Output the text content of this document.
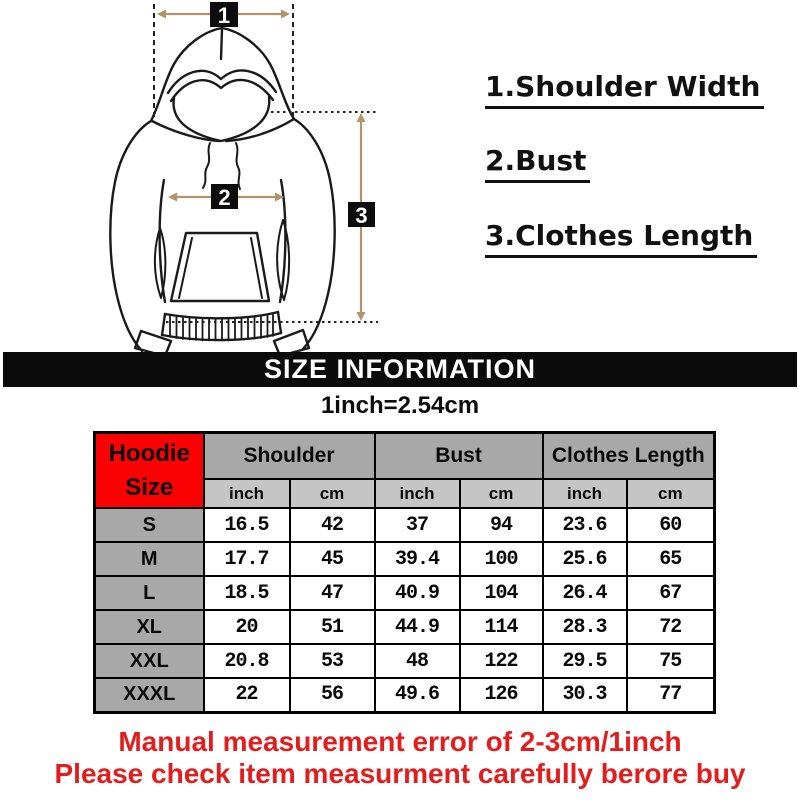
1
2
3
1.Shoulder Width
2.Bust
3.Clothes Length
SIZE INFORMATION
1inch=2.54cm
Hoodie
Size	Shoulder		Bust		Clothes Length	
	inch	cm	inch	cm	inch	cm
S	16.5	42	37	94	23.6	60
M	17.7	45	39.4	100	25.6	65
L	18.5	47	40.9	104	26.4	67
XL	20	51	44.9	114	28.3	72
XXL	20.8	53	48	122	29.5	75
XXXL	22	56	49.6	126	30.3	77
Manual measurement error of 2-3cm/1inch
Please check item measurment carefully berore buy
